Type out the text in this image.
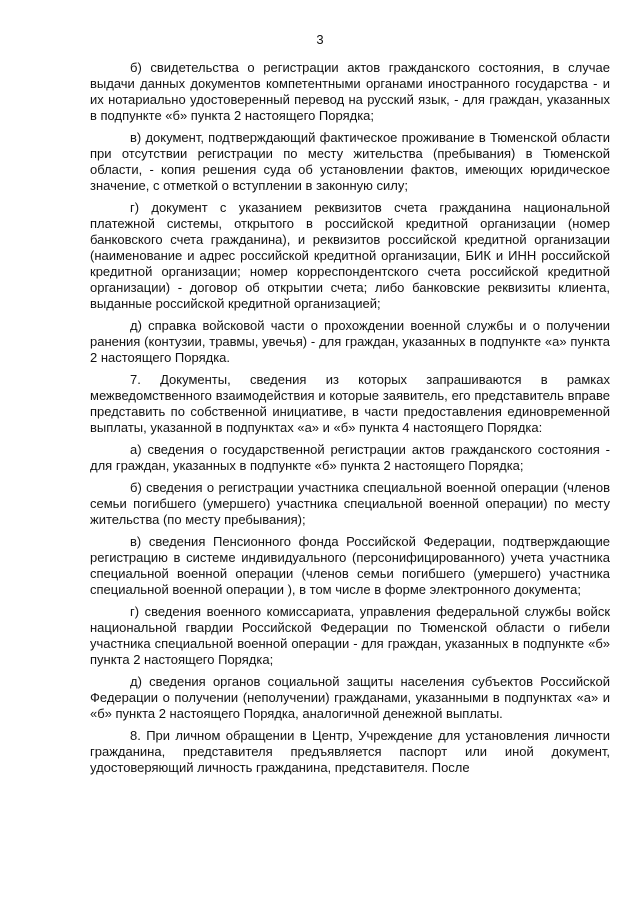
3

б) свидетельства о регистрации актов гражданского состояния, в случае выдачи данных документов компетентными органами иностранного государства - и их нотариально удостоверенный перевод на русский язык, - для граждан, указанных в подпункте «б» пункта 2 настоящего Порядка;

в) документ, подтверждающий фактическое проживание в Тюменской области при отсутствии регистрации по месту жительства (пребывания) в Тюменской области, - копия решения суда об установлении фактов, имеющих юридическое значение, с отметкой о вступлении в законную силу;

г) документ с указанием реквизитов счета гражданина национальной платежной системы, открытого в российской кредитной организации (номер банковского счета гражданина), и реквизитов российской кредитной организации (наименование и адрес российской кредитной организации, БИК и ИНН российской кредитной организации; номер корреспондентского счета российской кредитной организации) - договор об открытии счета; либо банковские реквизиты клиента, выданные российской кредитной организацией;

д) справка войсковой части о прохождении военной службы и о получении ранения (контузии, травмы, увечья) - для граждан, указанных в подпункте «а» пункта 2 настоящего Порядка.

7. Документы, сведения из которых запрашиваются в рамках межведомственного взаимодействия и которые заявитель, его представитель вправе представить по собственной инициативе, в части предоставления единовременной выплаты, указанной в подпунктах «а» и «б» пункта 4 настоящего Порядка:

а) сведения о государственной регистрации актов гражданского состояния - для граждан, указанных в подпункте «б» пункта 2 настоящего Порядка;

б) сведения о регистрации участника специальной военной операции (членов семьи погибшего (умершего) участника специальной военной операции) по месту жительства (по месту пребывания);

в) сведения Пенсионного фонда Российской Федерации, подтверждающие регистрацию в системе индивидуального (персонифицированного) учета участника специальной военной операции (членов семьи погибшего (умершего) участника специальной военной операции ), в том числе в форме электронного документа;

г) сведения военного комиссариата, управления федеральной службы войск национальной гвардии Российской Федерации по Тюменской области о гибели участника специальной военной операции - для граждан, указанных в подпункте «б» пункта 2 настоящего Порядка;

д) сведения органов социальной защиты населения субъектов Российской Федерации о получении (неполучении) гражданами, указанными в подпунктах «а» и «б» пункта 2 настоящего Порядка, аналогичной денежной выплаты.

8. При личном обращении в Центр, Учреждение для установления личности гражданина, представителя предъявляется паспорт или иной документ, удостоверяющий личность гражданина, представителя. После
